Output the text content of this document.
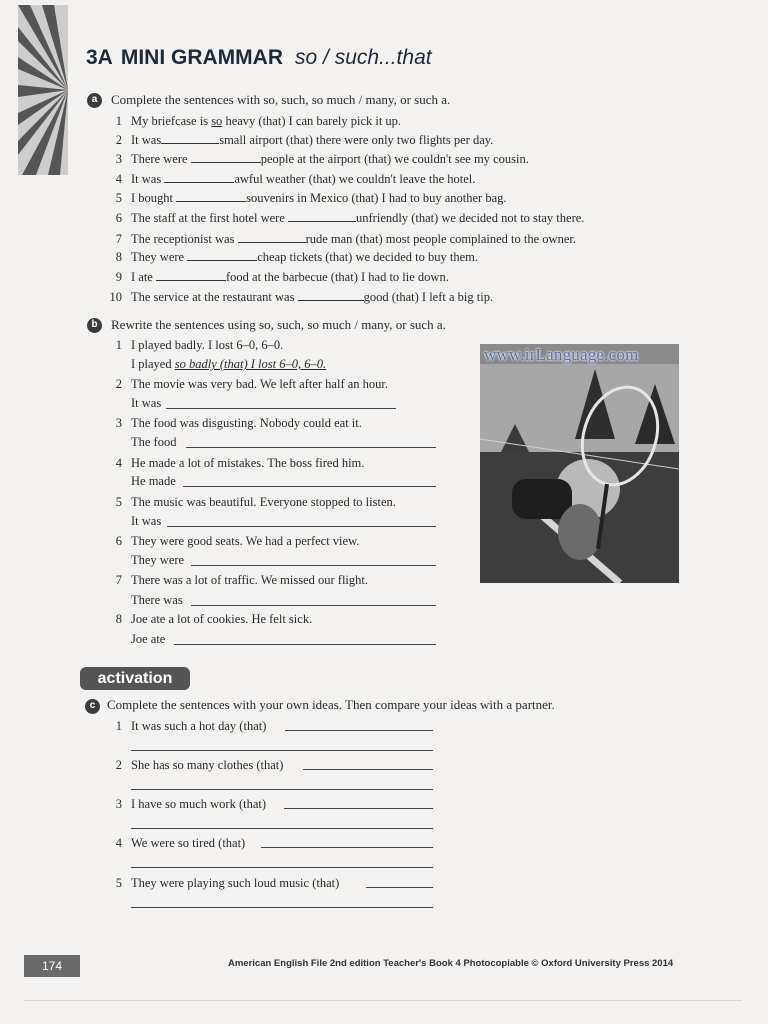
3A MINI GRAMMAR so / such...that
a	Complete the sentences with so, such, so much / many, or such a.
1 My briefcase is so heavy (that) I can barely pick it up.
2 It was	small airport (that) there were only two flights per day.
3 There were	people at the airport (that) we couldn't see my cousin.
4 It was	awful weather (that) we couldn't leave the hotel.
5 I bought	souvenirs in Mexico (that) I had to buy another bag.
6 The staff at the first hotel were	unfriendly (that) we decided not to stay there.
7 The receptionist was	rude man (that) most people complained to the owner.
8 They were	cheap tickets (that) we decided to buy them.
9 I ate	food at the barbecue (that) I had to lie down.
10 The service at the restaurant was	good (that) I left a big tip.
b	Rewrite the sentences using so, such, so much / many, or such a.
1 I played badly. I lost 6–0, 6–0.
I played so badly (that) I lost 6–0, 6–0.
2 The movie was very bad. We left after half an hour.
It was
3 The food was disgusting. Nobody could eat it.
The food
4 He made a lot of mistakes. The boss fired him.
He made
5 The music was beautiful. Everyone stopped to listen.
It was
6 They were good seats. We had a perfect view.
They were
7 There was a lot of traffic. We missed our flight.
There was
8 Joe ate a lot of cookies. He felt sick.
Joe ate
www.irLanguage.com
activation
c Complete the sentences with your own ideas. Then compare your ideas with a partner.
1 It was such a hot day (that)
2 She has so many clothes (that)
3 I have so much work (that)
4 We were so tired (that)
5 They were playing such loud music (that)
174	American English File 2nd edition Teacher's Book 4 Photocopiable © Oxford University Press 2014
